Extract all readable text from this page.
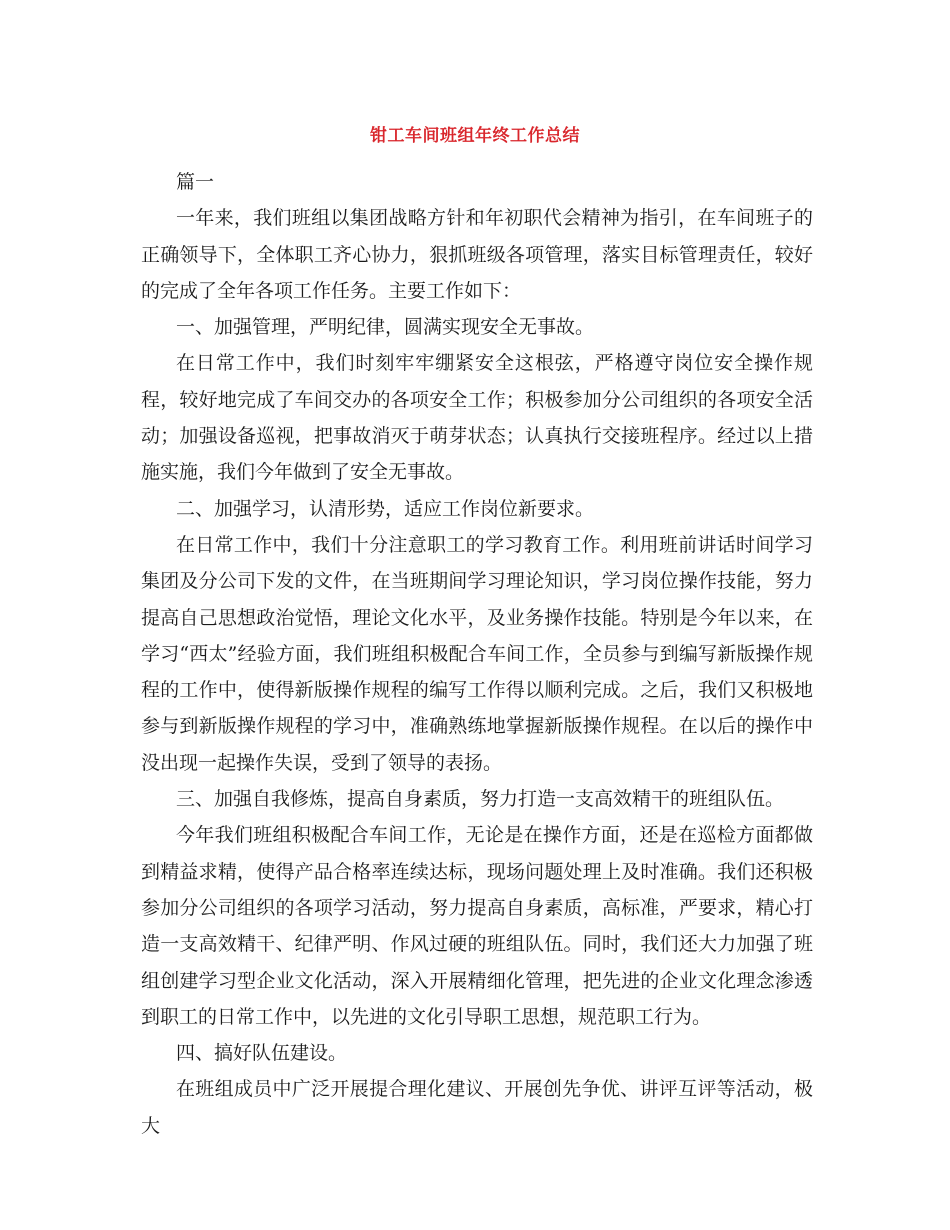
钳工车间班组年终工作总结

篇一

一年来，我们班组以集团战略方针和年初职代会精神为指引，在车间班子的正确领导下，全体职工齐心协力，狠抓班级各项管理，落实目标管理责任，较好的完成了全年各项工作任务。主要工作如下：

一、加强管理，严明纪律，圆满实现安全无事故。

在日常工作中，我们时刻牢牢绷紧安全这根弦，严格遵守岗位安全操作规程，较好地完成了车间交办的各项安全工作；积极参加分公司组织的各项安全活动；加强设备巡视，把事故消灭于萌芽状态；认真执行交接班程序。经过以上措施实施，我们今年做到了安全无事故。

二、加强学习，认清形势，适应工作岗位新要求。

在日常工作中，我们十分注意职工的学习教育工作。利用班前讲话时间学习集团及分公司下发的文件，在当班期间学习理论知识，学习岗位操作技能，努力提高自己思想政治觉悟，理论文化水平，及业务操作技能。特别是今年以来，在学习“西太”经验方面，我们班组积极配合车间工作，全员参与到编写新版操作规程的工作中，使得新版操作规程的编写工作得以顺利完成。之后，我们又积极地参与到新版操作规程的学习中，准确熟练地掌握新版操作规程。在以后的操作中没出现一起操作失误，受到了领导的表扬。

三、加强自我修炼，提高自身素质，努力打造一支高效精干的班组队伍。

今年我们班组积极配合车间工作，无论是在操作方面，还是在巡检方面都做到精益求精，使得产品合格率连续达标，现场问题处理上及时准确。我们还积极参加分公司组织的各项学习活动，努力提高自身素质，高标准，严要求，精心打造一支高效精干、纪律严明、作风过硬的班组队伍。同时，我们还大力加强了班组创建学习型企业文化活动，深入开展精细化管理，把先进的企业文化理念渗透到职工的日常工作中，以先进的文化引导职工思想，规范职工行为。

四、搞好队伍建设。

在班组成员中广泛开展提合理化建议、开展创先争优、讲评互评等活动，极大
